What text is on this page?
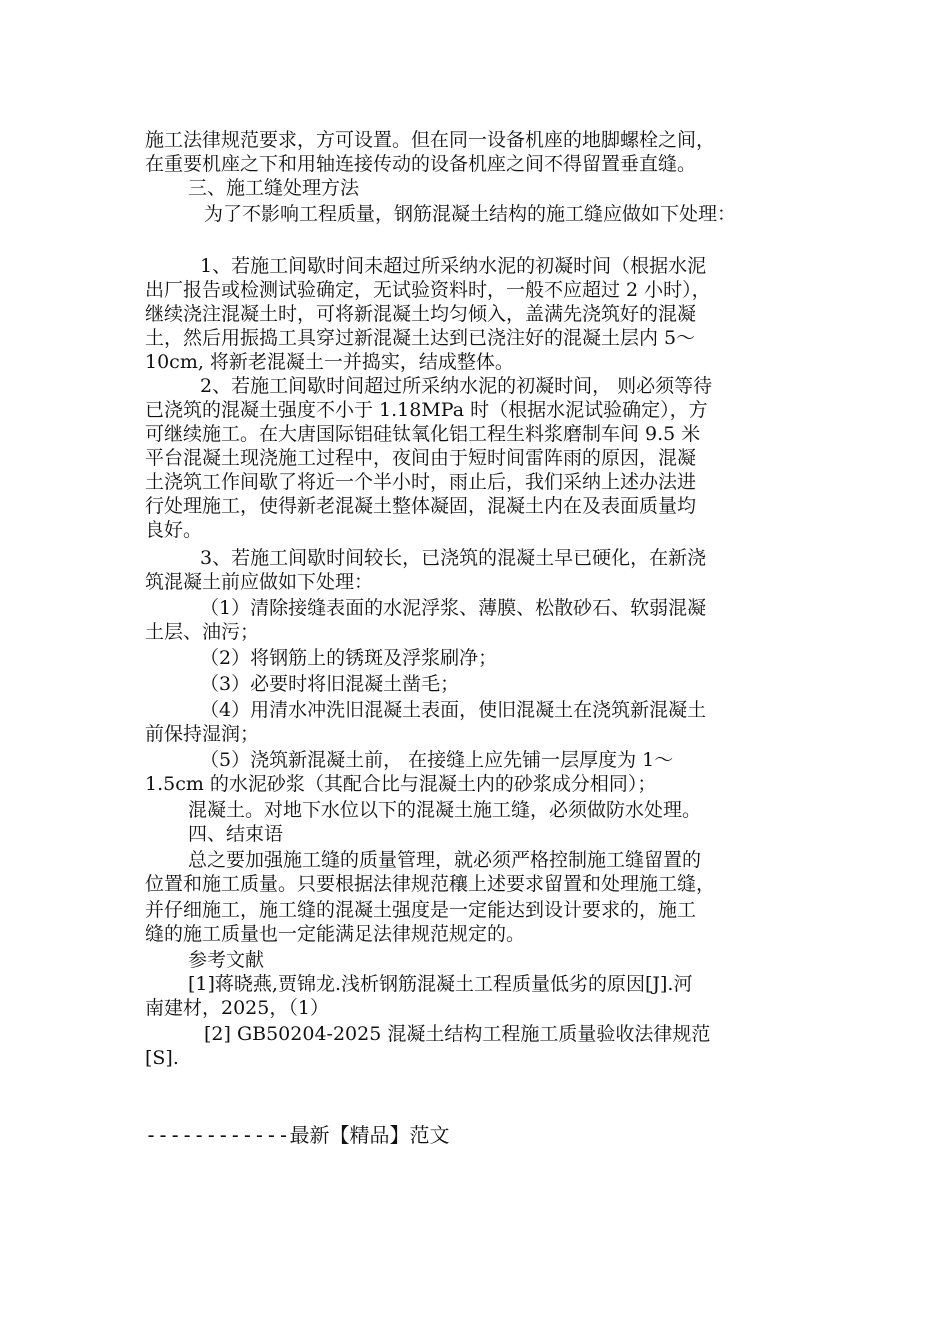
施工法律规范要求，方可设置。但在同一设备机座的地脚螺栓之间，
在重要机座之下和用轴连接传动的设备机座之间不得留置垂直缝。
三、施工缝处理方法
为了不影响工程质量，钢筋混凝土结构的施工缝应做如下处理：
1、若施工间歇时间未超过所采纳水泥的初凝时间（根据水泥
出厂报告或检测试验确定，无试验资料时，一般不应超过 2 小时），
继续浇注混凝土时，可将新混凝土均匀倾入，盖满先浇筑好的混凝
土，然后用振捣工具穿过新混凝土达到已浇注好的混凝土层内 5～
10cm, 将新老混凝土一并捣实，结成整体。
2、若施工间歇时间超过所采纳水泥的初凝时间， 则必须等待
已浇筑的混凝土强度不小于 1.18MPa 时（根据水泥试验确定），方
可继续施工。在大唐国际铝硅钛氧化铝工程生料浆磨制车间 9.5 米
平台混凝土现浇施工过程中，夜间由于短时间雷阵雨的原因，混凝
土浇筑工作间歇了将近一个半小时，雨止后，我们采纳上述办法进
行处理施工，使得新老混凝土整体凝固，混凝土内在及表面质量均
良好。
3、若施工间歇时间较长，已浇筑的混凝土早已硬化，在新浇
筑混凝土前应做如下处理：
（1）清除接缝表面的水泥浮浆、薄膜、松散砂石、软弱混凝
土层、油污；
（2）将钢筋上的锈斑及浮浆刷净；
（3）必要时将旧混凝土凿毛；
（4）用清水冲洗旧混凝土表面，使旧混凝土在浇筑新混凝土
前保持湿润；
（5）浇筑新混凝土前， 在接缝上应先铺一层厚度为 1～
1.5cm 的水泥砂浆（其配合比与混凝土内的砂浆成分相同）；
混凝土。对地下水位以下的混凝土施工缝，必须做防水处理。
四、结束语
总之要加强施工缝的质量管理，就必须严格控制施工缝留置的
位置和施工质量。只要根据法律规范穰上述要求留置和处理施工缝，
并仔细施工，施工缝的混凝土强度是一定能达到设计要求的，施工
缝的施工质量也一定能满足法律规范规定的。
参考文献
[1]蒋晓燕,贾锦龙.浅析钢筋混凝土工程质量低劣的原因[J].河
南建材，2025，（1）
[2] GB50204-2025 混凝土结构工程施工质量验收法律规范
[S].
------------最新【精品】范文
